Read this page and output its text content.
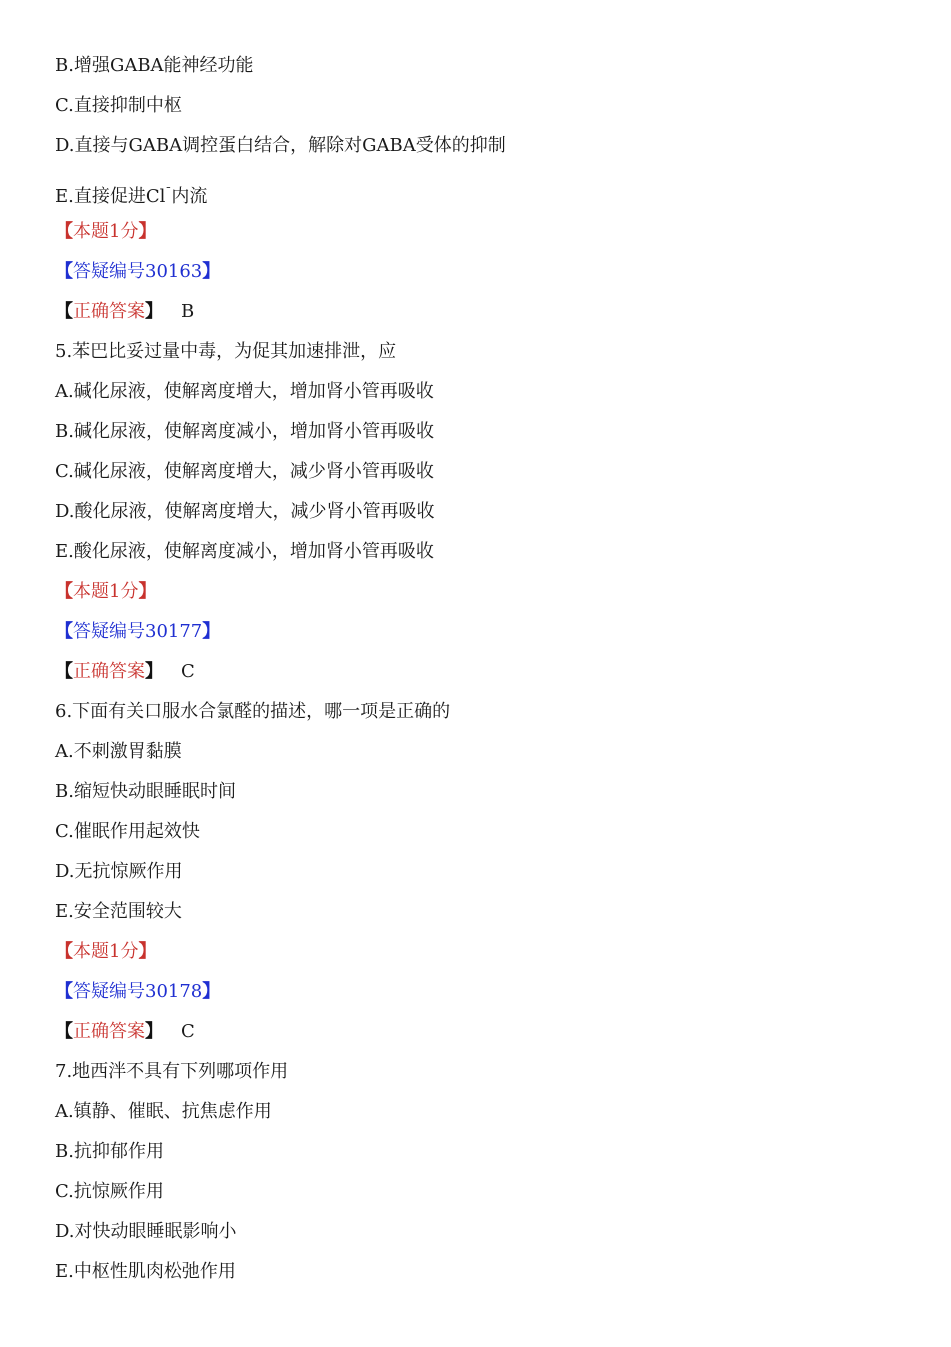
B.增强GABA能神经功能
C.直接抑制中枢
D.直接与GABA调控蛋白结合，解除对GABA受体的抑制
E.直接促进$Cl^ˉ$内流
【本题1分】
【答疑编号30163】
【正确答案】 B
5.苯巴比妥过量中毒，为促其加速排泄，应
A.碱化尿液，使解离度增大，增加肾小管再吸收
B.碱化尿液，使解离度减小，增加肾小管再吸收
C.碱化尿液，使解离度增大，减少肾小管再吸收
D.酸化尿液，使解离度增大，减少肾小管再吸收
E.酸化尿液，使解离度减小，增加肾小管再吸收
【本题1分】
【答疑编号30177】
【正确答案】 C
6.下面有关口服水合氯醛的描述，哪一项是正确的
A.不刺激胃黏膜
B.缩短快动眼睡眠时间
C.催眠作用起效快
D.无抗惊厥作用
E.安全范围较大
【本题1分】
【答疑编号30178】
【正确答案】 C
7.地西泮不具有下列哪项作用
A.镇静、催眠、抗焦虑作用
B.抗抑郁作用
C.抗惊厥作用
D.对快动眼睡眠影响小
E.中枢性肌肉松弛作用
